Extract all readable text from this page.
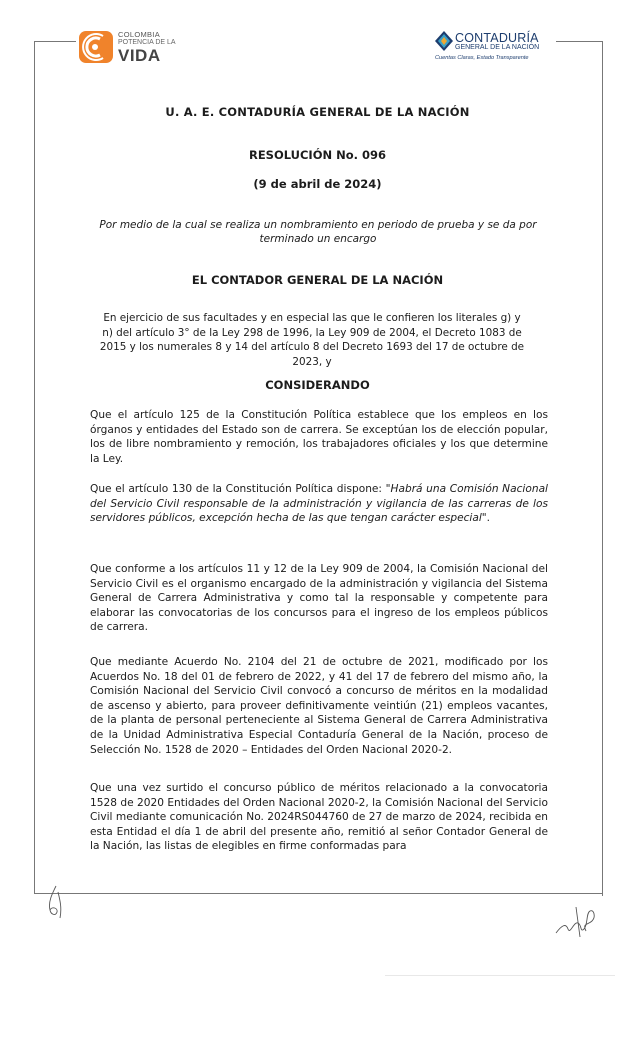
COLOMBIA
POTENCIA DE LA
VIDA
CONTADURÍA
GENERAL DE LA NACIÓN
Cuentas Claras, Estado Transparente
U. A. E. CONTADURÍA GENERAL DE LA NACIÓN
RESOLUCIÓN No. 096
(9 de abril de 2024)
Por medio de la cual se realiza un nombramiento en periodo de prueba y se da por terminado un encargo
EL CONTADOR GENERAL DE LA NACIÓN
En ejercicio de sus facultades y en especial las que le confieren los literales g) y n) del artículo 3° de la Ley 298 de 1996, la Ley 909 de 2004, el Decreto 1083 de 2015 y los numerales 8 y 14 del artículo 8 del Decreto 1693 del 17 de octubre de 2023, y
CONSIDERANDO

Que el artículo 125 de la Constitución Política establece que los empleos en los órganos y entidades del Estado son de carrera. Se exceptúan los de elección popular, los de libre nombramiento y remoción, los trabajadores oficiales y los que determine la Ley.

Que el artículo 130 de la Constitución Política dispone: "Habrá una Comisión Nacional del Servicio Civil responsable de la administración y vigilancia de las carreras de los servidores públicos, excepción hecha de las que tengan carácter especial".

Que conforme a los artículos 11 y 12 de la Ley 909 de 2004, la Comisión Nacional del Servicio Civil es el organismo encargado de la administración y vigilancia del Sistema General de Carrera Administrativa y como tal la responsable y competente para elaborar las convocatorias de los concursos para el ingreso de los empleos públicos de carrera.

Que mediante Acuerdo No. 2104 del 21 de octubre de 2021, modificado por los Acuerdos No. 18 del 01 de febrero de 2022, y 41 del 17 de febrero del mismo año, la Comisión Nacional del Servicio Civil convocó a concurso de méritos en la modalidad de ascenso y abierto, para proveer definitivamente veintiún (21) empleos vacantes, de la planta de personal perteneciente al Sistema General de Carrera Administrativa de la Unidad Administrativa Especial Contaduría General de la Nación, proceso de Selección No. 1528 de 2020 – Entidades del Orden Nacional 2020-2.

Que una vez surtido el concurso público de méritos relacionado a la convocatoria 1528 de 2020 Entidades del Orden Nacional 2020-2, la Comisión Nacional del Servicio Civil mediante comunicación No. 2024RS044760 de 27 de marzo de 2024, recibida en esta Entidad el día 1 de abril del presente año, remitió al señor Contador General de la Nación, las listas de elegibles en firme conformadas para
